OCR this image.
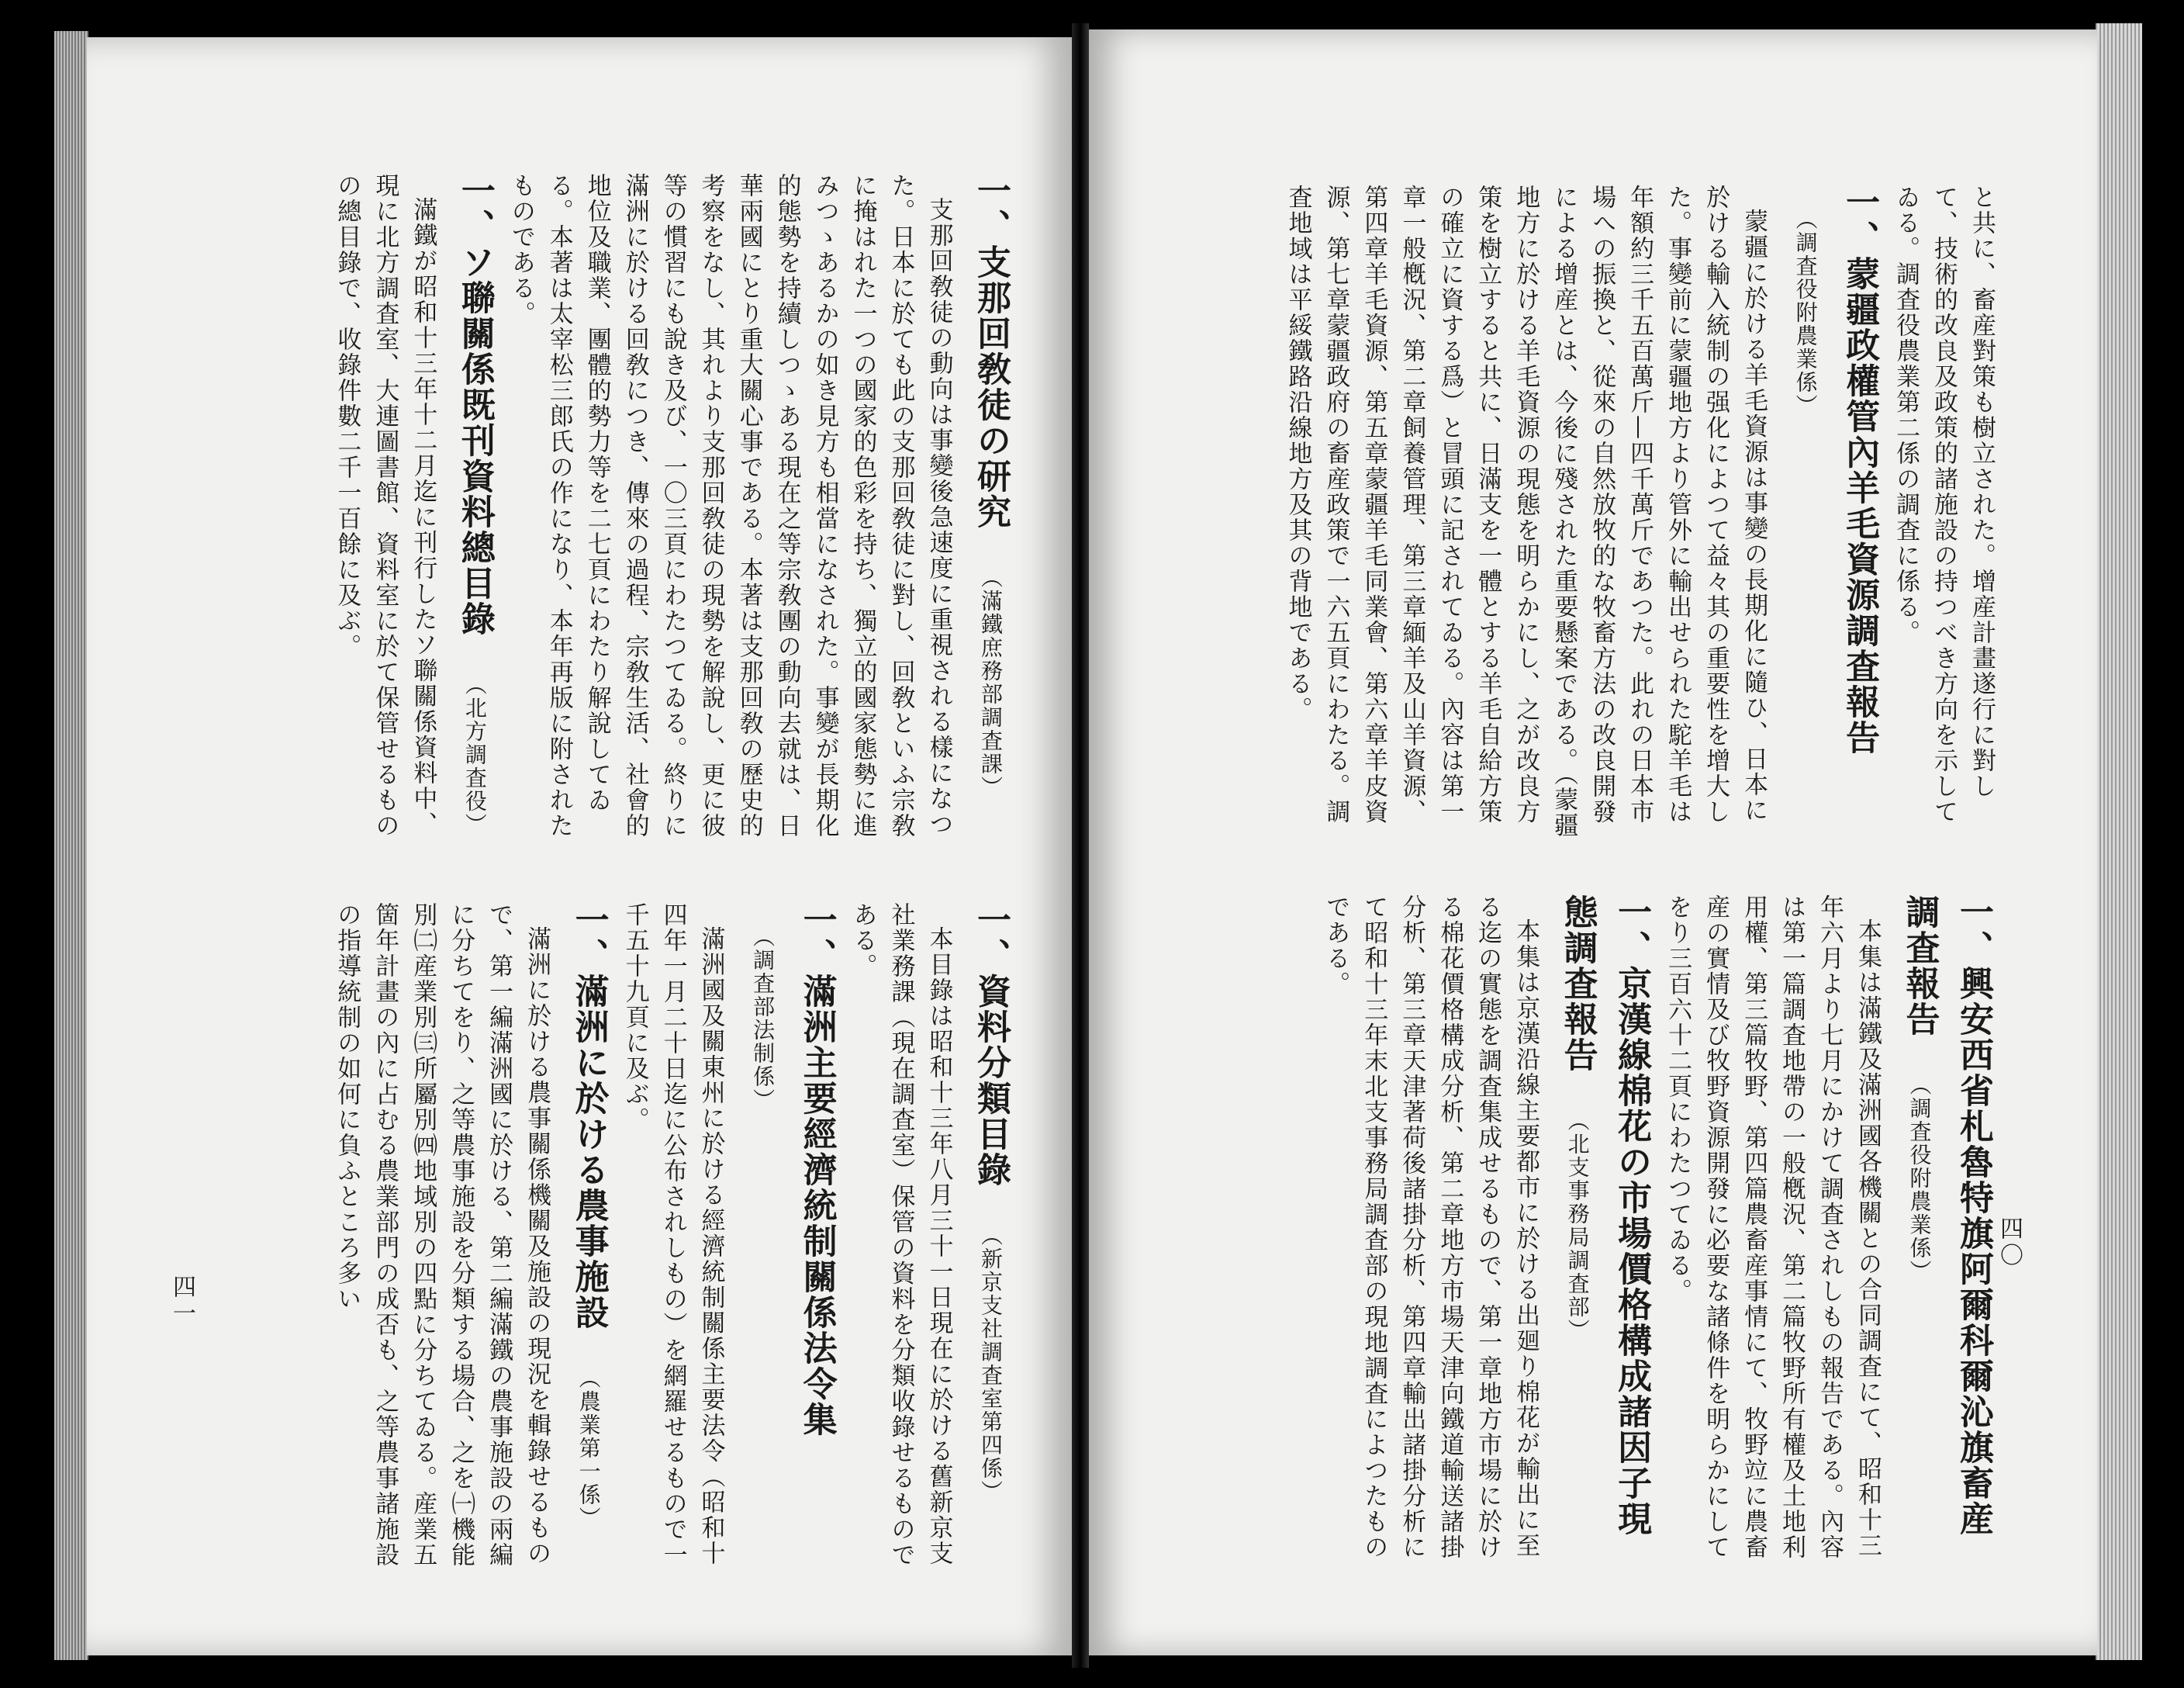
一、支那回敎徒の研究 （滿鐵庶務部調査課）
支那回敎徒の動向は事變後急速度に重視される樣になつた。日本に於ても此の支那回敎徒に對し、回敎といふ宗敎に掩はれた一つの國家的色彩を持ち、獨立的國家態勢に進みつゝあるかの如き見方も相當になされた。事變が長期化的態勢を持續しつゝある現在之等宗敎團の動向去就は、日華兩國にとり重大關心事である。本著は支那回敎の歷史的考察をなし、其れより支那回敎徒の現勢を解說し、更に彼等の慣習にも說き及び、一〇三頁にわたつてゐる。終りに滿洲に於ける回敎につき、傳來の過程、宗敎生活、社會的地位及職業、團體的勢力等を二七頁にわたり解說してゐる。本著は太宰松三郎氏の作になり、本年再版に附されたものである。
一、ソ聯關係既刊資料總目錄 （北方調査役）
滿鐵が昭和十三年十二月迄に刊行したソ聯關係資料中、現に北方調査室、大連圖書館、資料室に於て保管せるものの總目錄で、收錄件數二千一百餘に及ぶ。
一、資料分類目錄 （新京支社調査室第四係）
本目錄は昭和十三年八月三十一日現在に於ける舊新京支社業務課（現在調査室）保管の資料を分類收錄せるものである。
一、滿洲主要經濟統制關係法令集 （調査部法制係）
滿洲國及關東州に於ける經濟統制關係主要法令（昭和十四年一月二十日迄に公布されしもの）を網羅せるもので一千五十九頁に及ぶ。
一、滿洲に於ける農事施設 （農業第一係）
滿洲に於ける農事關係機關及施設の現況を輯錄せるもので、第一編滿洲國に於ける、第二編滿鐵の農事施設の兩編に分ちてをり、之等農事施設を分類する場合、之を㈠機能別㈡産業別㈢所屬別㈣地域別の四點に分ちてゐる。産業五箇年計畫の內に占むる農業部門の成否も、之等農事諸施設の指導統制の如何に負ふところ多い
四一
と共に、畜産對策も樹立された。增産計畫遂行に對して、技術的改良及政策的諸施設の持つべき方向を示してゐる。調査役農業第二係の調査に係る。
一、蒙疆政權管內羊毛資源調査報告 （調査役附農業係）
蒙疆に於ける羊毛資源は事變の長期化に隨ひ、日本に於ける輸入統制の强化によつて益々其の重要性を增大した。事變前に蒙疆地方より管外に輸出せられた駝羊毛は年額約三千五百萬斤—四千萬斤であつた。此れの日本市場への振換と、從來の自然放牧的な牧畜方法の改良開發による增産とは、今後に殘された重要懸案である。（蒙疆地方に於ける羊毛資源の現態を明らかにし、之が改良方策を樹立すると共に、日滿支を一體とする羊毛自給方策の確立に資する爲）と冒頭に記されてゐる。內容は第一章一般槪況、第二章飼養管理、第三章緬羊及山羊資源、第四章羊毛資源、第五章蒙疆羊毛同業會、第六章羊皮資源、第七章蒙疆政府の畜産政策で一六五頁にわたる。調査地域は平綏鐵路沿線地方及其の背地である。
一、興安西省札魯特旗阿爾科爾沁旗畜産調査報告 （調査役附農業係）
本集は滿鐵及滿洲國各機關との合同調査にて、昭和十三年六月より七月にかけて調査されしもの報告である。內容は第一篇調査地帶の一般槪況、第二篇牧野所有權及土地利用權、第三篇牧野、第四篇農畜産事情にて、牧野竝に農畜産の實情及び牧野資源開發に必要な諸條件を明らかにしてをり三百六十二頁にわたつてゐる。
一、京漢線棉花の市場價格構成諸因子現態調査報告 （北支事務局調査部）
本集は京漢沿線主要都市に於ける出廻り棉花が輸出に至る迄の實態を調査集成せるもので、第一章地方市場に於ける棉花價格構成分析、第二章地方市場天津向鐵道輸送諸掛分析、第三章天津著荷後諸掛分析、第四章輸出諸掛分析にて昭和十三年末北支事務局調査部の現地調査によつたものである。
四〇
